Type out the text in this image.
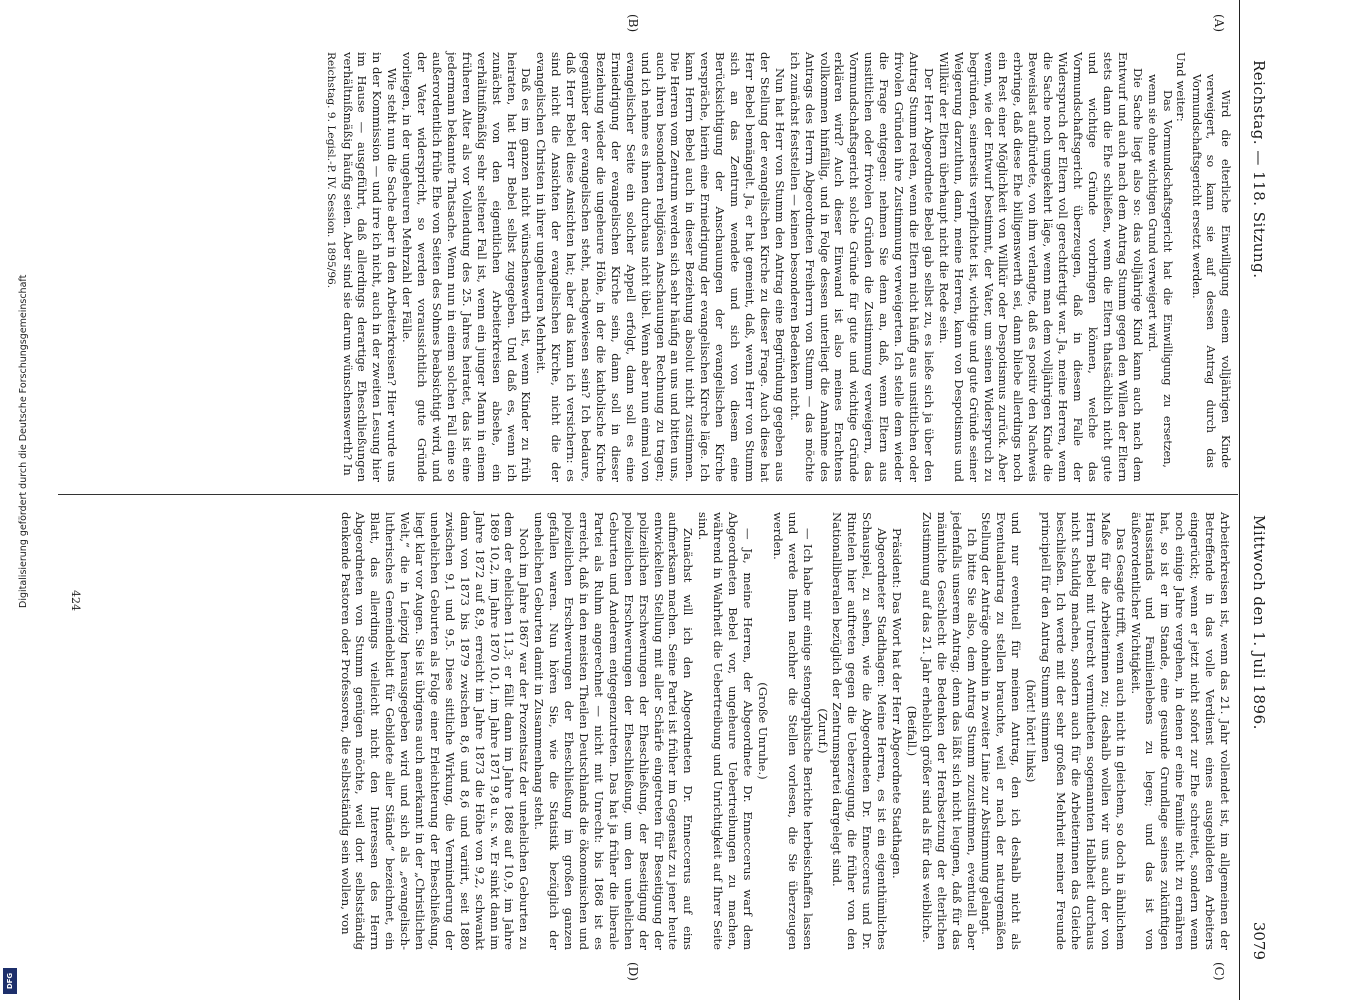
Reichstag. — 118. Sitzung.
Mittwoch den 1. Juli 1896.
3079
(A)
(B)
(C)
(D)

Wird die elterliche Einwilligung einem volljährigen Kinde verweigert, so kann sie auf dessen Antrag durch das Vormundschaftsgericht ersetzt werden.

Und weiter:

Das Vormundschaftsgericht hat die Einwilligung zu ersetzen, wenn sie ohne wichtigen Grund verweigert wird.

Die Sache liegt also so: das volljährige Kind kann auch nach dem Entwurf und auch nach dem Antrag Stumm gegen den Willen der Eltern stets dann die Ehe schließen, wenn die Eltern thatsächlich nicht gute und wichtige Gründe vorbringen können, welche das Vormundschaftsgericht überzeugen, daß in diesem Falle der Widerspruch der Eltern voll gerechtfertigt war. Ja, meine Herren, wenn die Sache noch umgekehrt läge, wenn man dem volljährigen Kinde die Beweislast aufbürdete, von ihm verlangte, daß es positiv den Nachweis erbringe, daß diese Ehe billigenswerth sei, dann bliebe allerdings noch ein Rest einer Möglichkeit von Willkür oder Despotismus zurück. Aber wenn, wie der Entwurf bestimmt, der Vater, um seinen Widerspruch zu begründen, seinerseits verpflichtet ist, wichtige und gute Gründe seiner Weigerung darzuthun, dann, meine Herren, kann von Despotismus und Willkür der Eltern überhaupt nicht die Rede sein.

Der Herr Abgeordnete Bebel gab selbst zu, es ließe sich ja über den Antrag Stumm reden, wenn die Eltern nicht häufig aus unsittlichen oder frivolen Gründen ihre Zustimmung verweigerten. Ich stelle dem wieder die Frage entgegen: nehmen Sie denn an, daß, wenn Eltern aus unsittlichen oder frivolen Gründen die Zustimmung verweigern, das Vormundschaftsgericht solche Gründe für gute und wichtige Gründe erklären wird? Auch dieser Einwand ist also meines Erachtens vollkommen hinfällig, und in Folge dessen unterliegt die Annahme des Antrags des Herrn Abgeordneten Freiherrn von Stumm — das möchte ich zunächst feststellen — keinen besonderen Bedenken nicht.

Nun hat Herr von Stumm den Antrag eine Begründung gegeben aus der Stellung der evangelischen Kirche zu dieser Frage. Auch diese hat Herr Bebel bemängelt. Ja, er hat gemeint, daß, wenn Herr von Stumm sich an das Zentrum wendete und sich von diesem eine Berücksichtigung der Anschauungen der evangelischen Kirche verspräche, hierin eine Erniedrigung der evangelischen Kirche läge. Ich kann Herrn Bebel auch in dieser Beziehung absolut nicht zustimmen. Die Herren vom Zentrum werden sich sehr häufig an uns und bitten uns, auch ihren besonderen religiösen Anschauungen Rechnung zu tragen; und ich nehme es ihnen durchaus nicht übel. Wenn aber nun einmal von evangelischer Seite ein solcher Appell erfolgt, dann soll es eine Erniedrigung der evangelischen Kirche sein, dann soll in dieser Beziehung wieder die ungeheure Höhe, in der die katholische Kirche gegenüber der evangelischen steht, nachgewiesen sein? Ich bedaure, daß Herr Bebel diese Ansichten hat; aber das kann ich versichern: es sind nicht die Ansichten der evangelischen Kirche, nicht die der evangelischen Christen in ihrer ungeheuren Mehrheit.

Daß es im ganzen nicht wünschenswerth ist, wenn Kinder zu früh heiraten, hat Herr Bebel selbst zugegeben. Und daß es, wenn ich zunächst von den eigentlichen Arbeiterkreisen absehe, ein verhältnißmäßig sehr seltener Fall ist, wenn ein junger Mann in einem früheren Alter als vor Vollendung des 25. Jahres heiratet, das ist eine jedermann bekannte Thatsache. Wenn nun in einem solchen Fall eine so außerordentlich frühe Ehe von Seiten des Sohnes beabsichtigt wird, und der Vater widerspricht, so werden voraussichtlich gute Gründe vorliegen, in der ungeheuren Mehrzahl der Fälle.

Wie steht nun die Sache aber in den Arbeiterkreisen? Hier wurde uns in der Kommission — und irre ich nicht, auch in der zweiten Lesung hier im Hause — ausgeführt, daß allerdings derartige Eheschließungen verhältnißmäßig häufig seien. Aber sind sie darum wünschenswerth? In

Reichstag. 9. Legisl.-P. IV. Session. 1895/96.

Arbeiterkreisen ist, wenn das 21. Jahr vollendet ist, im allgemeinen der Betreffende in das volle Verdienst eines ausgebildeten Arbeiters eingerückt; wenn er jetzt nicht sofort zur Ehe schreitet, sondern wenn noch einige Jahre vergehen, in denen er eine Familie nicht zu ernähren hat, so ist er im Stande, eine gesunde Grundlage seines zukünftigen Hausstands und Familienlebens zu legen; und das ist von äußerordentlicher Wichtigkeit.

Das Gesagte trifft, wenn auch nicht in gleichem, so doch in ähnlichem Maße für die Arbeiterinnen zu; deshalb wollen wir uns auch der von Herrn Bebel mit Unrecht vermutheten sogenannten Halbheit durchaus nicht schuldig machen, sondern auch für die Arbeiterinnen das Gleiche beschließen. Ich werde mit der sehr großen Mehrheit meiner Freunde principiell für den Antrag Stumm stimmen

(hört! hört! links)

und nur eventuell für meinen Antrag, den ich deshalb nicht als Eventualantrag zu stellen brauchte, weil er nach der naturgemäßen Stellung der Anträge ohnehin in zweiter Linie zur Abstimmung gelangt.

Ich bitte Sie also, dem Antrag Stumm zuzustimmen, eventuell aber jedenfalls unserem Antrag; denn das läßt sich nicht leugnen, daß für das männliche Geschlecht die Bedenken der Herabsetzung der elterlichen Zustimmung auf das 21. Jahr erheblich größer sind als für das weibliche.

(Beifall.)

Präsident: Das Wort hat der Herr Abgeordnete Stadthagen.

Abgeordneter Stadthagen: Meine Herren, es ist ein eigenthümliches Schauspiel, zu sehen, wie die Abgeordneten Dr. Enneccerus und Dr. Rintelen hier auftreten gegen die Ueberzeugung, die früher von den Nationalliberalen bezüglich der Zentrumspartei dargelegt sind.

(Zuruf.)

— Ich habe mir einige stenographische Berichte herbeischaffen lassen und werde Ihnen nachher die Stellen vorlesen, die Sie überzeugen werden.

(Große Unruhe.)

— Ja, meine Herren, der Abgeordnete Dr. Enneccerus warf dem Abgeordneten Bebel vor, ungeheure Uebertreibungen zu machen, während in Wahrheit die Uebertreibung und Unrichtigkeit auf Ihrer Seite sind.

Zunächst will ich den Abgeordneten Dr. Enneccerus auf eins aufmerksam machen. Seine Partei ist früher im Gegensatz zu jener heute entwickelten Stellung mit aller Schärfe eingetreten für Beseitigung der polizeilichen Erschwerungen der Eheschließung, der Beseitigung der polizeilichen Erschwerungen der Eheschließung, um den unehelichen Geburten und Anderem entgegenzutreten. Das hat ja früher die liberale Partei als Ruhm angerechnet — nicht mit Unrecht: bis 1868 ist es erreicht, daß in den meisten Theilen Deutschlands die ökonomischen und polizeilichen Erschwerungen der Eheschließung im großen ganzen gefallen waren. Nun hören Sie, wie die Statistik bezüglich der unehelichen Geburten damit in Zusammenhang steht.

Noch im Jahre 1867 war der Prozentsatz der unehelichen Geburten zu dem der ehelichen 11,3; er fällt dann im Jahre 1868 auf 10,9, im Jahre 1869 10,2, im Jahre 1870 10,1, im Jahre 1871 9,8 u. s. w. Er sinkt dann im Jahre 1872 auf 8,9, erreicht im Jahre 1873 die Höhe von 9,2, schwankt dann von 1873 bis 1879 zwischen 8,6 und 8,6 und variirt, seit 1880 zwischen 9,1 und 9,5. Diese sittliche Wirkung, die Verminderung der unehelichen Geburten als Folge einer Erleichterung der Eheschließung, liegt klar vor Augen. Sie ist übrigens auch anerkannt in der „Christlichen Welt,“ die in Leipzig herausgegeben wird und sich als „evangelisch-lutherisches Gemeindeblatt für Gebildete aller Stände“ bezeichnet, ein Blatt, das allerdings vielleicht nicht den Interessen des Herrn Abgeordneten von Stumm genügen möchte, weil dort selbstständig denkende Pastoren oder Professoren, die selbstständig sein wollen, von

424
Digitalisierung gefördert durch die Deutsche Forschungsgemeinschaft
DFG
